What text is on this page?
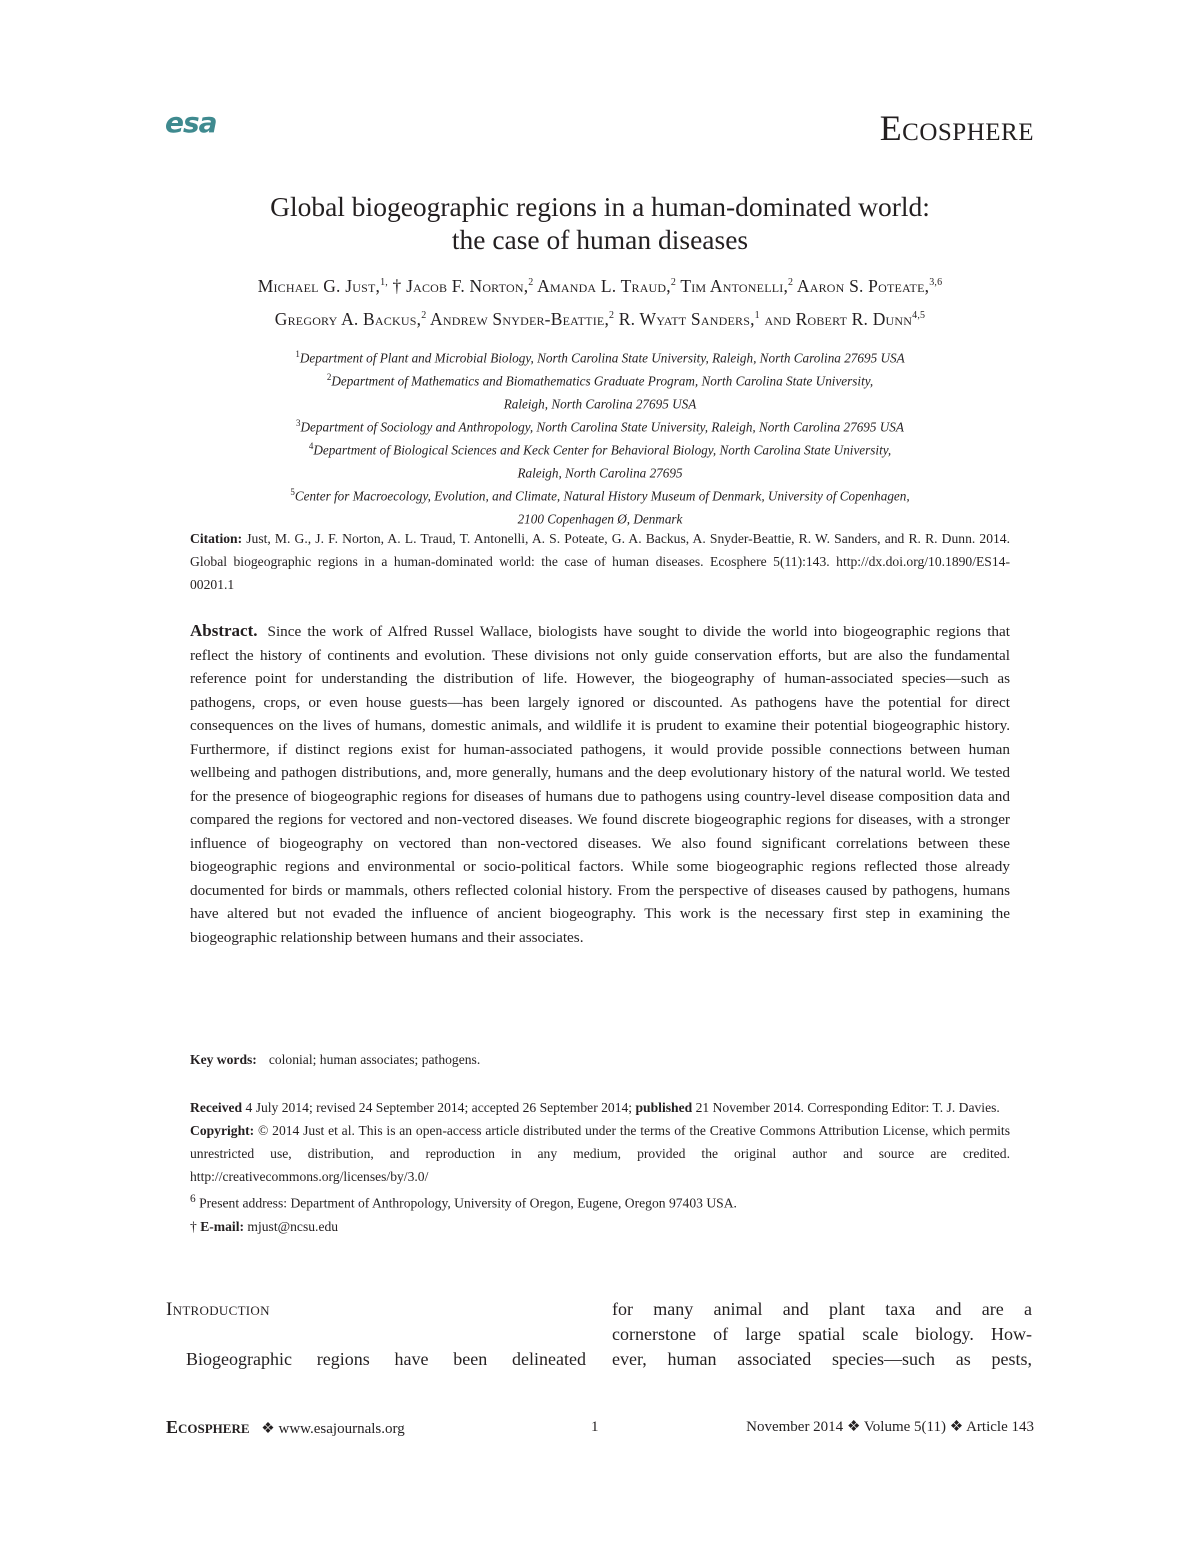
esa	Ecosphere
Global biogeographic regions in a human-dominated world:
the case of human diseases
Michael G. Just,$^{1,}$ † Jacob F. Norton,$^2$ Amanda L. Traud,$^2$ Tim Antonelli,$^2$ Aaron S. Poteate,$^{3,6}$
Gregory A. Backus,$^2$ Andrew Snyder-Beattie,$^2$ R. Wyatt Sanders,$^1$ and Robert R. Dunn$^{4,5}$
$^1$Department of Plant and Microbial Biology, North Carolina State University, Raleigh, North Carolina 27695 USA
$^2$Department of Mathematics and Biomathematics Graduate Program, North Carolina State University,
Raleigh, North Carolina 27695 USA
$^3$Department of Sociology and Anthropology, North Carolina State University, Raleigh, North Carolina 27695 USA
$^4$Department of Biological Sciences and Keck Center for Behavioral Biology, North Carolina State University,
Raleigh, North Carolina 27695
$^5$Center for Macroecology, Evolution, and Climate, Natural History Museum of Denmark, University of Copenhagen,
2100 Copenhagen Ø, Denmark
Citation: Just, M. G., J. F. Norton, A. L. Traud, T. Antonelli, A. S. Poteate, G. A. Backus, A. Snyder-Beattie, R. W. Sanders, and R. R. Dunn. 2014. Global biogeographic regions in a human-dominated world: the case of human diseases. Ecosphere 5(11):143. http://dx.doi.org/10.1890/ES14-00201.1
Abstract. Since the work of Alfred Russel Wallace, biologists have sought to divide the world into biogeographic regions that reflect the history of continents and evolution. These divisions not only guide conservation efforts, but are also the fundamental reference point for understanding the distribution of life. However, the biogeography of human-associated species—such as pathogens, crops, or even house guests—has been largely ignored or discounted. As pathogens have the potential for direct consequences on the lives of humans, domestic animals, and wildlife it is prudent to examine their potential biogeographic history. Furthermore, if distinct regions exist for human-associated pathogens, it would provide possible connections between human wellbeing and pathogen distributions, and, more generally, humans and the deep evolutionary history of the natural world. We tested for the presence of biogeographic regions for diseases of humans due to pathogens using country-level disease composition data and compared the regions for vectored and non-vectored diseases. We found discrete biogeographic regions for diseases, with a stronger influence of biogeography on vectored than non-vectored diseases. We also found significant correlations between these biogeographic regions and environmental or socio-political factors. While some biogeographic regions reflected those already documented for birds or mammals, others reflected colonial history. From the perspective of diseases caused by pathogens, humans have altered but not evaded the influence of ancient biogeography. This work is the necessary first step in examining the biogeographic relationship between humans and their associates.
Key words: colonial; human associates; pathogens.
Received 4 July 2014; revised 24 September 2014; accepted 26 September 2014; published 21 November 2014. Corresponding Editor: T. J. Davies.
Copyright: © 2014 Just et al. This is an open-access article distributed under the terms of the Creative Commons Attribution License, which permits unrestricted use, distribution, and reproduction in any medium, provided the original author and source are credited. http://creativecommons.org/licenses/by/3.0/
$^6$ Present address: Department of Anthropology, University of Oregon, Eugene, Oregon 97403 USA.
† E-mail: mjust@ncsu.edu
Introduction
Biogeographic regions have been delineated
for many animal and plant taxa and are a
cornerstone of large spatial scale biology. How-
ever, human associated species—such as pests,
Ecosphere ❖ www.esajournals.org	1	November 2014 ❖ Volume 5(11) ❖ Article 143
